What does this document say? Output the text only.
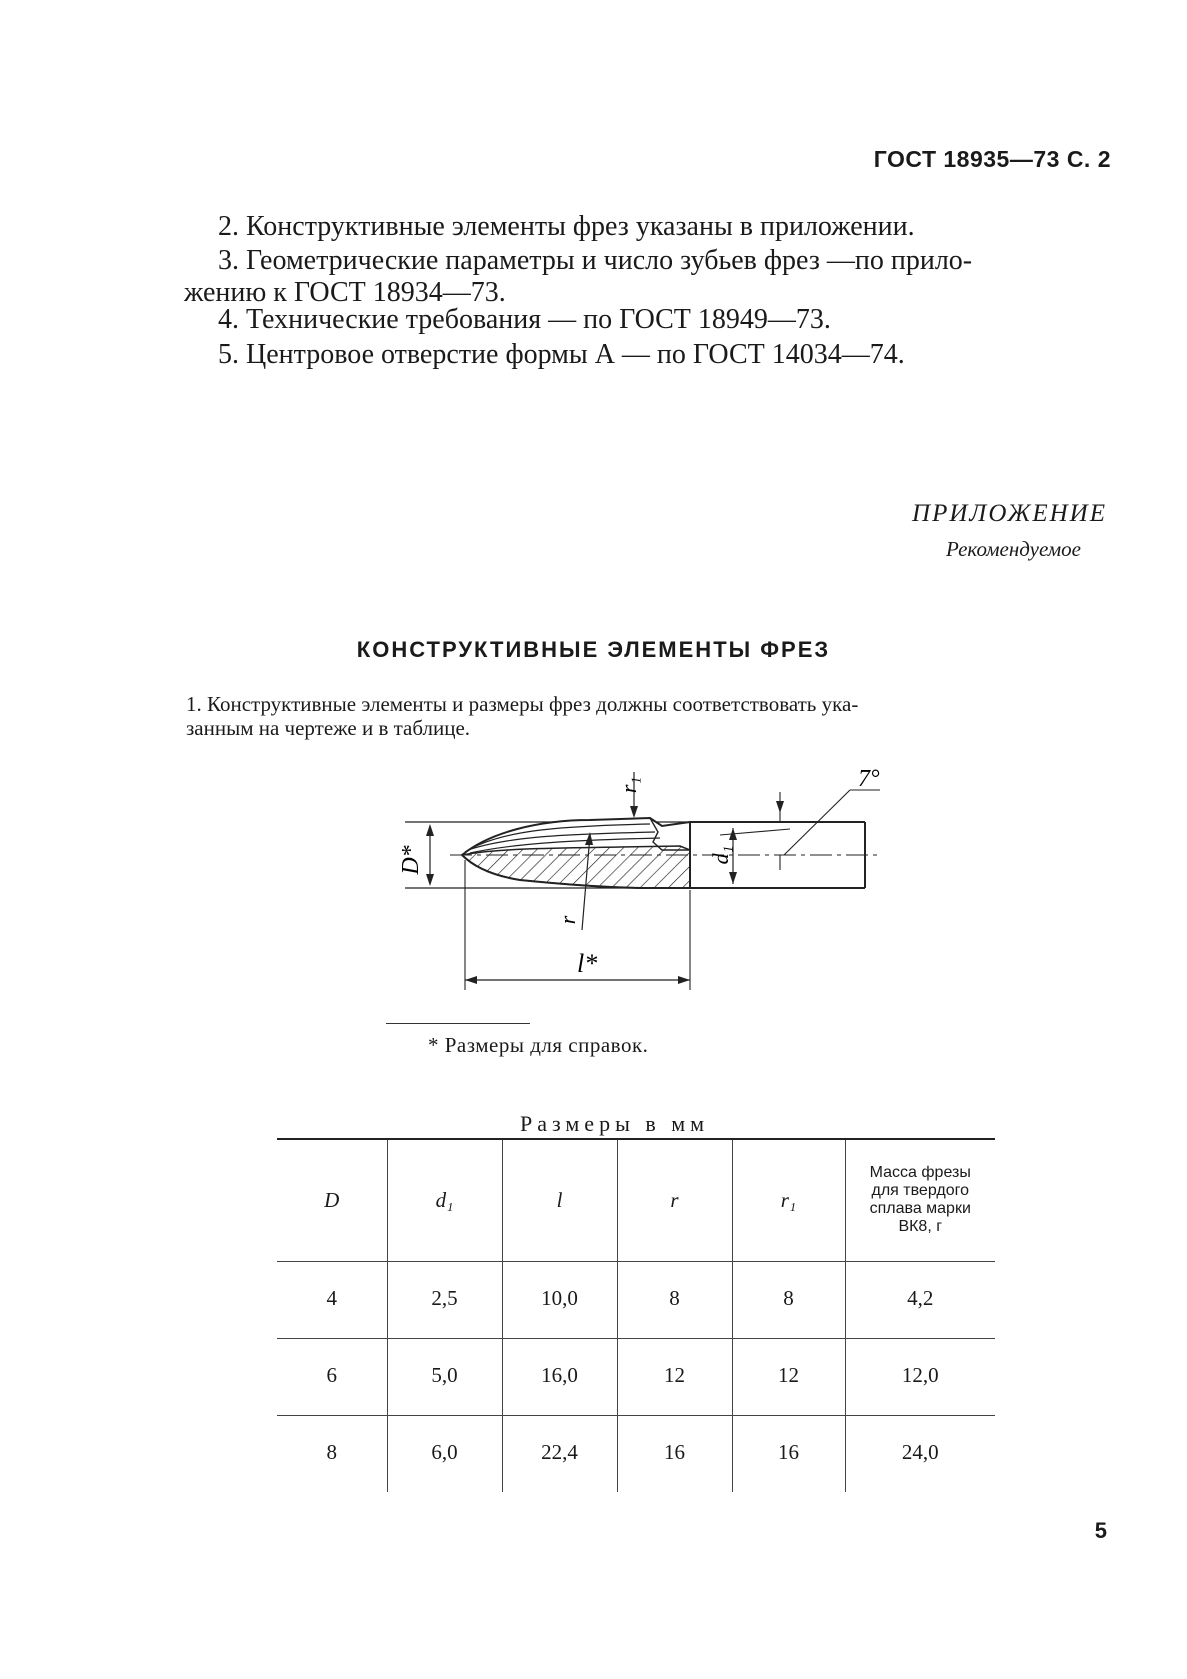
ГОСТ 18935—73 С. 2
2. Конструктивные элементы фрез указаны в приложении.
3. Геометрические параметры и число зубьев фрез —по прило-
жению к ГОСТ 18934—73.
4. Технические требования — по ГОСТ 18949—73.
5. Центровое отверстие формы А — по ГОСТ 14034—74.
ПРИЛОЖЕНИЕ
Рекомендуемое
КОНСТРУКТИВНЫЕ ЭЛЕМЕНТЫ ФРЕЗ
1. Конструктивные элементы и размеры фрез должны соответствовать ука-
занным на чертеже и в таблице.
D*	d₁
r₁
r
7°
l*
* Размеры для справок.
Размеры в мм
D	d₁	l	r	r₁	Масса фрезы
для твердого
сплава марки
ВК8, г

4	2,5	10,0	8	8	4,2
6	5,0	16,0	12	12	12,0
8	6,0	22,4	16	16	24,0
5
